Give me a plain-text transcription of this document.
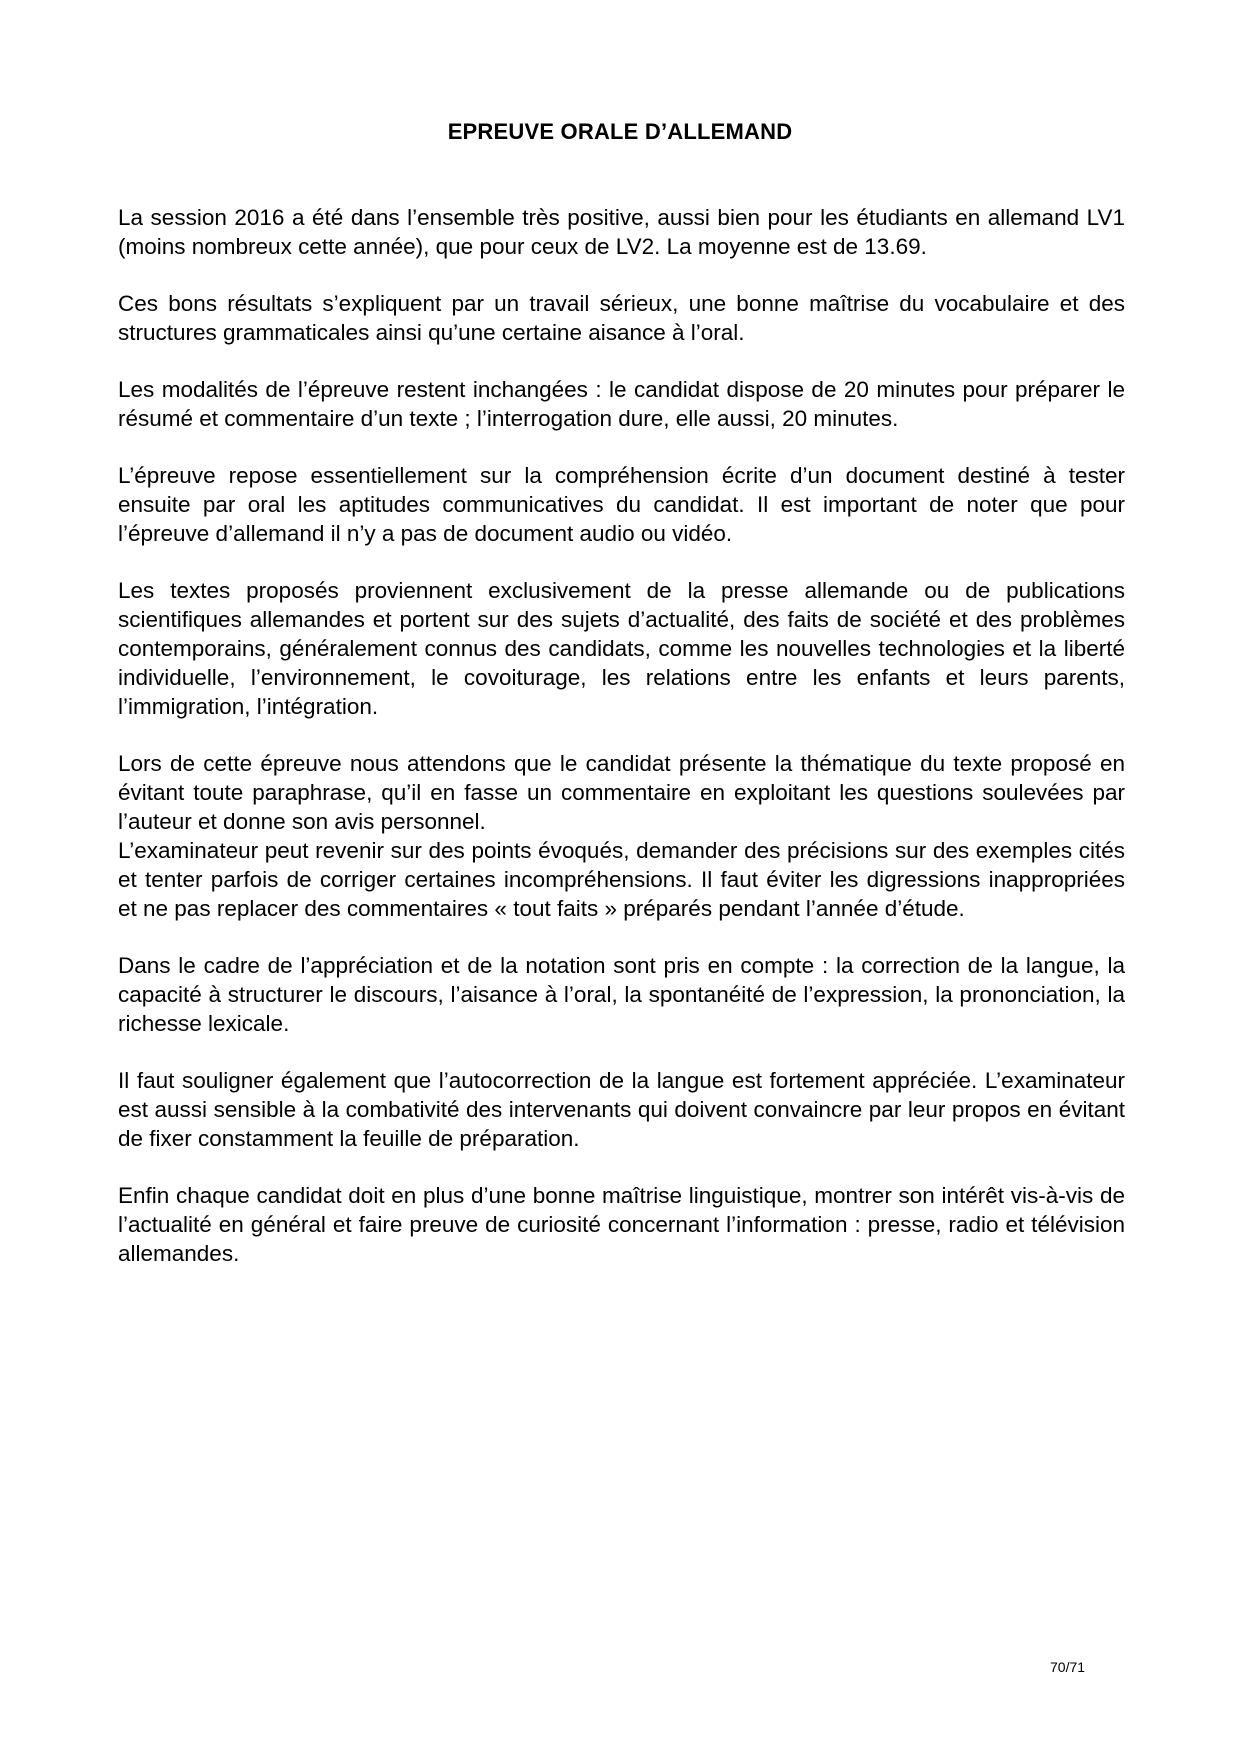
EPREUVE ORALE D’ALLEMAND

La session 2016 a été dans l’ensemble très positive, aussi bien pour les étudiants en allemand LV1 (moins nombreux cette année), que pour ceux de LV2. La moyenne est de 13.69.

Ces bons résultats s’expliquent par un travail sérieux, une bonne maîtrise du vocabulaire et des structures grammaticales ainsi qu’une certaine aisance à l’oral.

Les modalités de l’épreuve restent inchangées : le candidat dispose de 20 minutes pour préparer le résumé et commentaire d’un texte ; l’interrogation dure, elle aussi, 20 minutes.

L’épreuve repose essentiellement sur la compréhension écrite d’un document destiné à tester ensuite par oral les aptitudes communicatives du candidat. Il est important de noter que pour l’épreuve d’allemand il n’y a pas de document audio ou vidéo.

Les textes proposés proviennent exclusivement de la presse allemande ou de publications scientifiques allemandes et portent sur des sujets d’actualité, des faits de société et des problèmes contemporains, généralement connus des candidats, comme les nouvelles technologies et la liberté individuelle, l’environnement, le covoiturage, les relations entre les enfants et leurs parents, l’immigration, l’intégration.

Lors de cette épreuve nous attendons que le candidat présente la thématique du texte proposé en évitant toute paraphrase, qu’il en fasse un commentaire en exploitant les questions soulevées par l’auteur et donne son avis personnel.

L’examinateur peut revenir sur des points évoqués, demander des précisions sur des exemples cités et tenter parfois de corriger certaines incompréhensions. Il faut éviter les digressions inappropriées et ne pas replacer des commentaires « tout faits » préparés pendant l’année d’étude.

Dans le cadre de l’appréciation et de la notation sont pris en compte : la correction de la langue, la capacité à structurer le discours, l’aisance à l’oral, la spontanéité de l’expression, la prononciation, la richesse lexicale.

Il faut souligner également que l’autocorrection de la langue est fortement appréciée. L’examinateur est aussi sensible à la combativité des intervenants qui doivent convaincre par leur propos en évitant de fixer constamment la feuille de préparation.

Enfin chaque candidat doit en plus d’une bonne maîtrise linguistique, montrer son intérêt vis-à-vis de l’actualité en général et faire preuve de curiosité concernant l’information : presse, radio et télévision allemandes.

70/71
